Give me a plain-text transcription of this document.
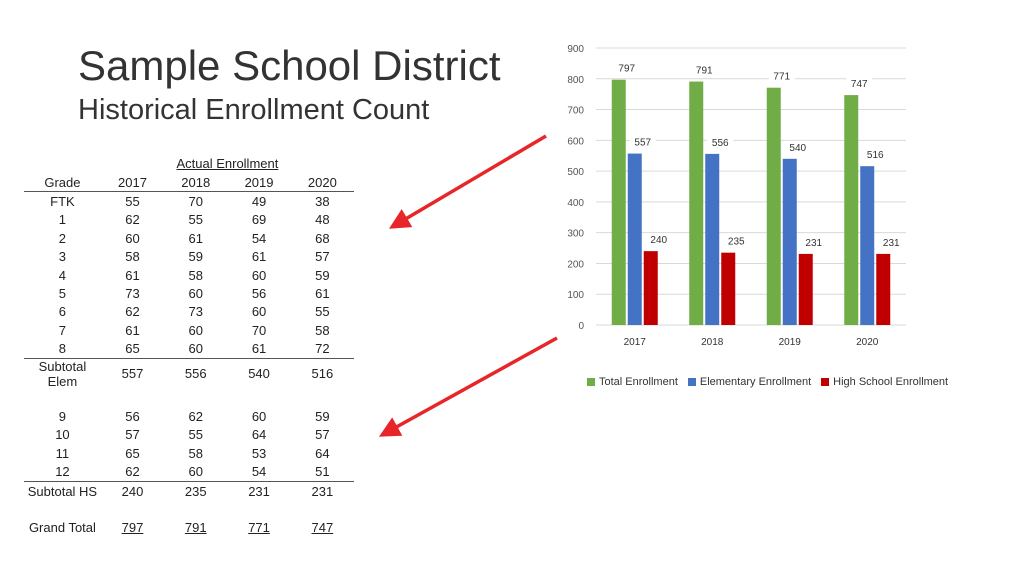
Sample School District
Historical Enrollment Count
	Actual Enrollment			
Grade	2017	2018	2019	2020
FTK	55	70	49	38
1	62	55	69	48
2	60	61	54	68
3	58	59	61	57
4	61	58	60	59
5	73	60	56	61
6	62	73	60	55
7	61	60	70	58
8	65	60	61	72
Subtotal Elem	557	556	540	516

9	56	62	60	59
10	57	55	64	57
11	65	58	53	64
12	62	60	54	51
Subtotal HS	240	235	231	231

Grand Total	797	791	771	747
0
100
200
300
400
500
600
700
800
900
797
557
240
2017
791
556
235
2018
771
540
231
2019
747
516
231
2020
Total Enrollment Elementary Enrollment High School Enrollment
